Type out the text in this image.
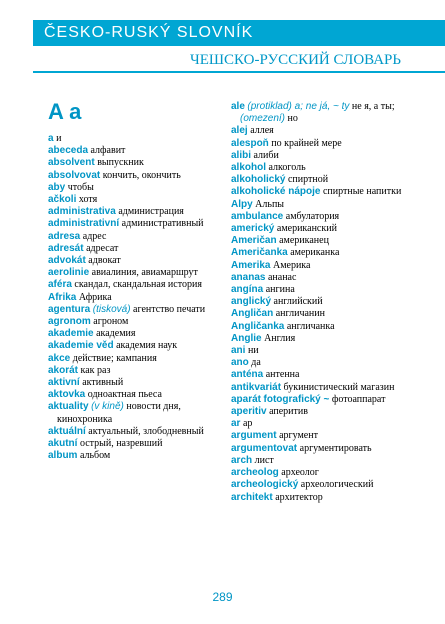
ČESKO-RUSKÝ SLOVNÍK
ЧЕШСКО-РУССКИЙ СЛОВАРЬ
A a

a и

abeceda алфавит

absolvent выпускник

absolvovat кончить, окончить

aby чтобы

ačkoli хотя

administrativa администрация

administrativní административный

adresa адрес

adresát адресат

advokát адвокат

aerolinie авиалиния, авиамаршрут

aféra скандал, скандальная история

Afrika Африка

agentura (tisková) агентство печати

agronom агроном

akademie академия

akademie věd академия наук

akce действие; кампания

akorát как раз

aktivní активный

aktovka одноактная пьеса

aktuality (v kině) новости дня, кинохроника

aktuální актуальный, злободневный

akutní острый, назревший

album альбом

ale (protiklad) a; ne já, ~ ty не я, а ты; (omezení) но

alej аллея

alespoň по крайней мере

alibi алиби

alkohol алкоголь

alkoholický спиртной

alkoholické nápoje спиртные напитки

Alpy Альпы

ambulance амбулатория

americký американский

Američan американец

Američanka американка

Amerika Америка

ananas ананас

angína ангина

anglický английский

Angličan англичанин

Angličanka англичанка

Anglie Англия

ani ни

ano да

anténa антенна

antikvariát букинистический магазин

aparát fotografický ~ фотоаппарат

aperitiv аперитив

ar ар

argument аргумент

argumentovat аргументировать

arch лист

archeolog археолог

archeologický археологический

architekt архитектор

289
